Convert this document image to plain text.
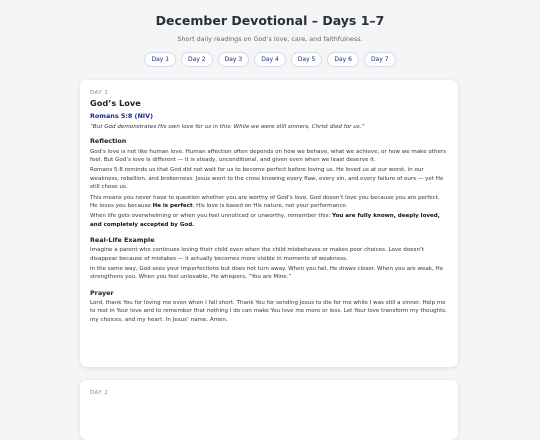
December Devotional – Days 1–7
Short daily readings on God’s love, care, and faithfulness.
Day 1	Day 2	Day 3	Day 4	Day 5	Day 6	Day 7
DAY 1
God’s Love
Romans 5:8 (NIV)
“But God demonstrates His own love for us in this: While we were still sinners, Christ died for us.”
Reflection

God’s love is not like human love. Human affection often depends on how we behave, what we achieve, or how we make others feel. But God’s love is different — it is steady, unconditional, and given even when we least deserve it.

Romans 5:8 reminds us that God did not wait for us to become perfect before loving us. He loved us at our worst, in our weakness, rebellion, and brokenness. Jesus went to the cross knowing every flaw, every sin, and every failure of ours — yet He still chose us.

This means you never have to question whether you are worthy of God’s love. God doesn’t love you because you are perfect. He loves you because He is perfect. His love is based on His nature, not your performance.

When life gets overwhelming or when you feel unnoticed or unworthy, remember this: You are fully known, deeply loved, and completely accepted by God.

Real-Life Example

Imagine a parent who continues loving their child even when the child misbehaves or makes poor choices. Love doesn’t disappear because of mistakes — it actually becomes more visible in moments of weakness.

In the same way, God sees your imperfections but does not turn away. When you fail, He draws closer. When you are weak, He strengthens you. When you feel unlovable, He whispers, “You are Mine.”

Prayer

Lord, thank You for loving me even when I fall short. Thank You for sending Jesus to die for me while I was still a sinner. Help me to rest in Your love and to remember that nothing I do can make You love me more or less. Let Your love transform my thoughts, my choices, and my heart. In Jesus’ name, Amen.

DAY 2
